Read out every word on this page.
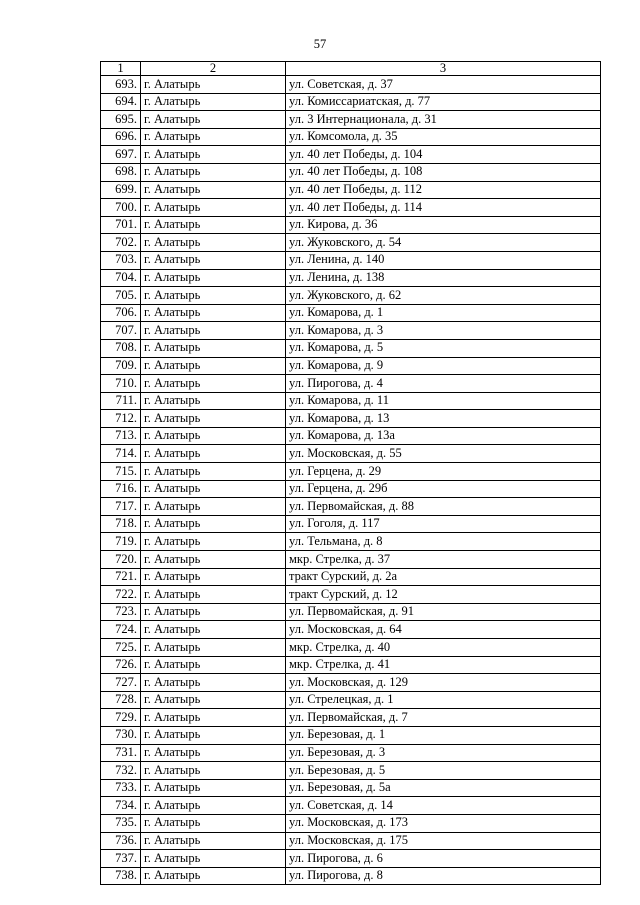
57
1	2	3
693.	г. Алатырь	ул. Советская, д. 37
694.	г. Алатырь	ул. Комиссариатская, д. 77
695.	г. Алатырь	ул. 3 Интернационала, д. 31
696.	г. Алатырь	ул. Комсомола, д. 35
697.	г. Алатырь	ул. 40 лет Победы, д. 104
698.	г. Алатырь	ул. 40 лет Победы, д. 108
699.	г. Алатырь	ул. 40 лет Победы, д. 112
700.	г. Алатырь	ул. 40 лет Победы, д. 114
701.	г. Алатырь	ул. Кирова, д. 36
702.	г. Алатырь	ул. Жуковского, д. 54
703.	г. Алатырь	ул. Ленина, д. 140
704.	г. Алатырь	ул. Ленина, д. 138
705.	г. Алатырь	ул. Жуковского, д. 62
706.	г. Алатырь	ул. Комарова, д. 1
707.	г. Алатырь	ул. Комарова, д. 3
708.	г. Алатырь	ул. Комарова, д. 5
709.	г. Алатырь	ул. Комарова, д. 9
710.	г. Алатырь	ул. Пирогова, д. 4
711.	г. Алатырь	ул. Комарова, д. 11
712.	г. Алатырь	ул. Комарова, д. 13
713.	г. Алатырь	ул. Комарова, д. 13а
714.	г. Алатырь	ул. Московская, д. 55
715.	г. Алатырь	ул. Герцена, д. 29
716.	г. Алатырь	ул. Герцена, д. 29б
717.	г. Алатырь	ул. Первомайская, д. 88
718.	г. Алатырь	ул. Гоголя, д. 117
719.	г. Алатырь	ул. Тельмана, д. 8
720.	г. Алатырь	мкр. Стрелка, д. 37
721.	г. Алатырь	тракт Сурский, д. 2а
722.	г. Алатырь	тракт Сурский, д. 12
723.	г. Алатырь	ул. Первомайская, д. 91
724.	г. Алатырь	ул. Московская, д. 64
725.	г. Алатырь	мкр. Стрелка, д. 40
726.	г. Алатырь	мкр. Стрелка, д. 41
727.	г. Алатырь	ул. Московская, д. 129
728.	г. Алатырь	ул. Стрелецкая, д. 1
729.	г. Алатырь	ул. Первомайская, д. 7
730.	г. Алатырь	ул. Березовая, д. 1
731.	г. Алатырь	ул. Березовая, д. 3
732.	г. Алатырь	ул. Березовая, д. 5
733.	г. Алатырь	ул. Березовая, д. 5а
734.	г. Алатырь	ул. Советская, д. 14
735.	г. Алатырь	ул. Московская, д. 173
736.	г. Алатырь	ул. Московская, д. 175
737.	г. Алатырь	ул. Пирогова, д. 6
738.	г. Алатырь	ул. Пирогова, д. 8
